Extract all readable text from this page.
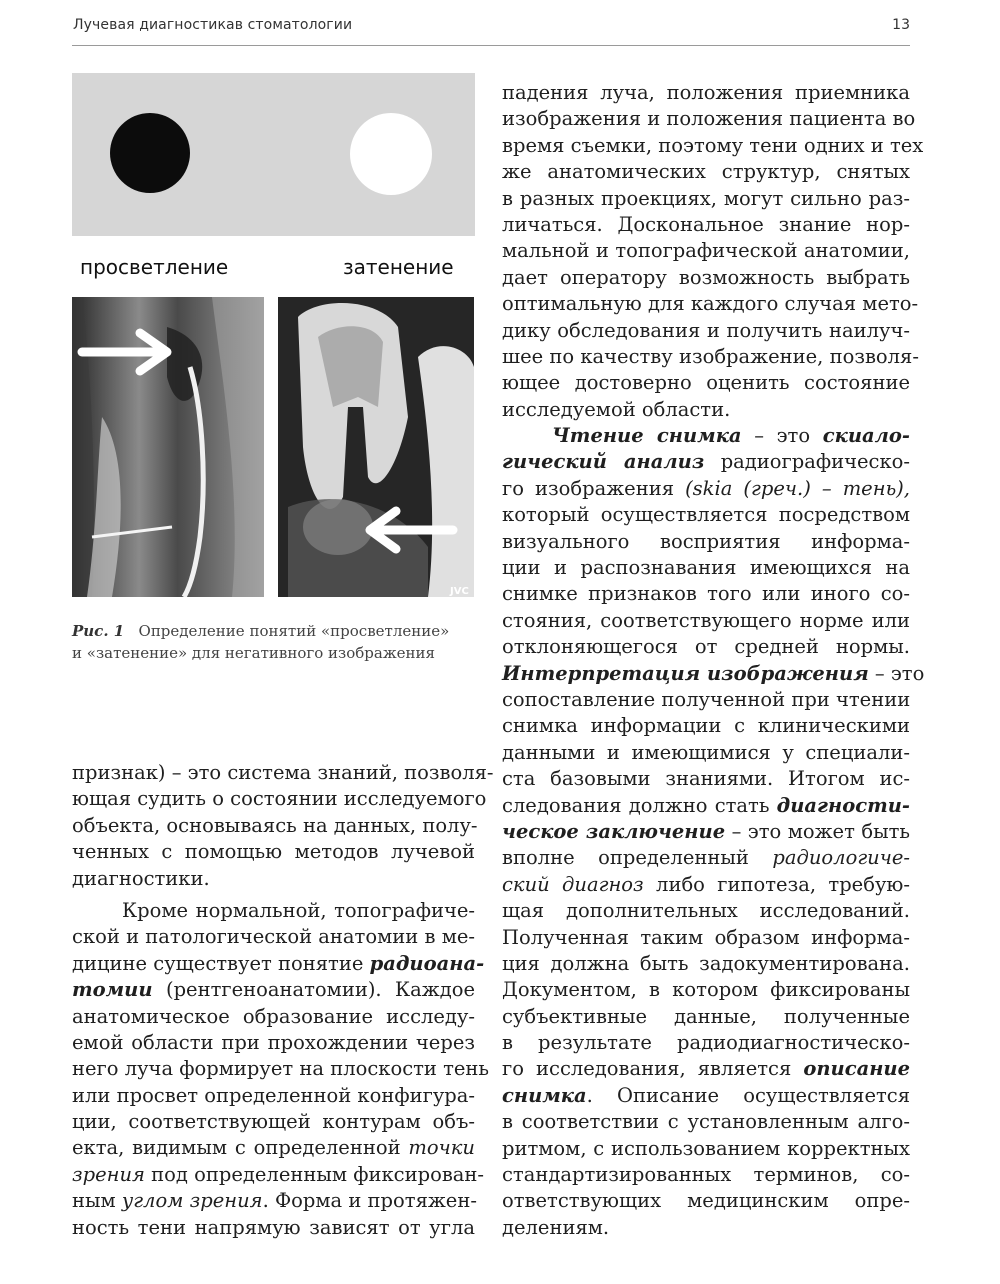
Лучевая диагностикав стоматологии	13
просветление	затенение
JVC
Рис. 1 Определение понятий «просветление»
и «затенение» для негативного изображения
падения луча, положения приемника
изображения и положения пациента во
время съемки, поэтому тени одних и тех
же анатомических структур, снятых
в разных проекциях, могут сильно раз-
личаться. Доскональное знание нор-
мальной и топографической анатомии,
дает оператору возможность выбрать
оптимальную для каждого случая мето-
дику обследования и получить наилуч-
шее по качеству изображение, позволя-
ющее достоверно оценить состояние
исследуемой области.
Чтение снимка – это скиало-
гический анализ радиографическо-
го изображения (skia (греч.) – тень),
который осуществляется посредством
визуального восприятия информа-
ции и распознавания имеющихся на
снимке признаков того или иного со-
стояния, соответствующего норме или
отклоняющегося от средней нормы.
Интерпретация изображения – это
сопоставление полученной при чтении
снимка информации с клиническими
данными и имеющимися у специали-
ста базовыми знаниями. Итогом ис-
следования должно стать диагности-
ческое заключение – это может быть
вполне определенный радиологиче-
ский диагноз либо гипотеза, требую-
щая дополнительных исследований.
Полученная таким образом информа-
ция должна быть задокументирована.
Документом, в котором фиксированы
субъективные данные, полученные
в результате радиодиагностическо-
го исследования, является описание
снимка. Описание осуществляется
в соответствии с установленным алго-
ритмом, с использованием корректных
стандартизированных терминов, со-
ответствующих медицинским опре-
делениям.
признак) – это система знаний, позволя-
ющая судить о состоянии исследуемого
объекта, основываясь на данных, полу-
ченных с помощью методов лучевой
диагностики.
Кроме нормальной, топографиче-
ской и патологической анатомии в ме-
дицине существует понятие радиоана-
томии (рентгеноанатомии). Каждое
анатомическое образование исследу-
емой области при прохождении через
него луча формирует на плоскости тень
или просвет определенной конфигура-
ции, соответствующей контурам объ-
екта, видимым с определенной точки
зрения под определенным фиксирован-
ным углом зрения. Форма и протяжен-
ность тени напрямую зависят от угла
